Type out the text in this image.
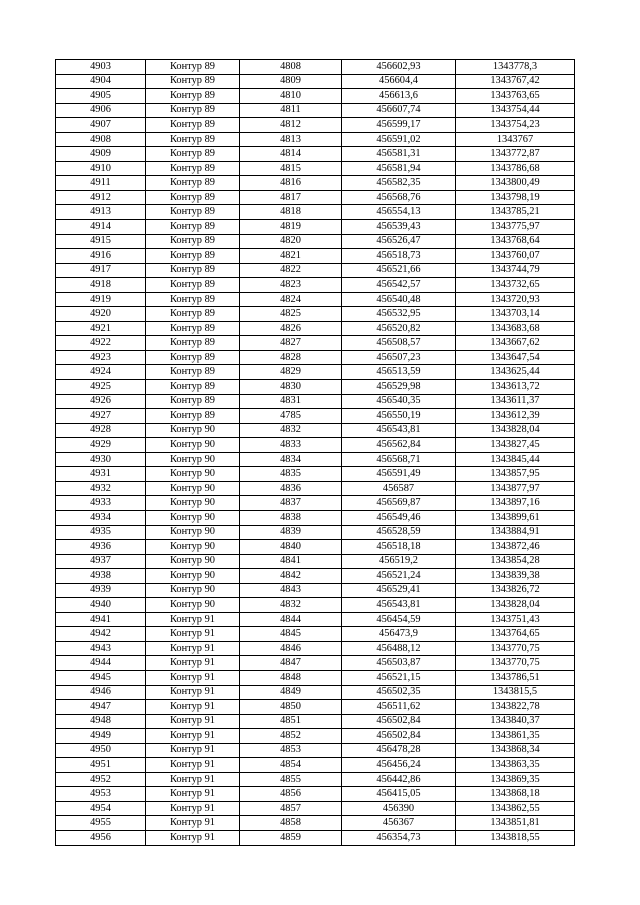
4903	Контур 89	4808	456602,93	1343778,3
4904	Контур 89	4809	456604,4	1343767,42
4905	Контур 89	4810	456613,6	1343763,65
4906	Контур 89	4811	456607,74	1343754,44
4907	Контур 89	4812	456599,17	1343754,23
4908	Контур 89	4813	456591,02	1343767
4909	Контур 89	4814	456581,31	1343772,87
4910	Контур 89	4815	456581,94	1343786,68
4911	Контур 89	4816	456582,35	1343800,49
4912	Контур 89	4817	456568,76	1343798,19
4913	Контур 89	4818	456554,13	1343785,21
4914	Контур 89	4819	456539,43	1343775,97
4915	Контур 89	4820	456526,47	1343768,64
4916	Контур 89	4821	456518,73	1343760,07
4917	Контур 89	4822	456521,66	1343744,79
4918	Контур 89	4823	456542,57	1343732,65
4919	Контур 89	4824	456540,48	1343720,93
4920	Контур 89	4825	456532,95	1343703,14
4921	Контур 89	4826	456520,82	1343683,68
4922	Контур 89	4827	456508,57	1343667,62
4923	Контур 89	4828	456507,23	1343647,54
4924	Контур 89	4829	456513,59	1343625,44
4925	Контур 89	4830	456529,98	1343613,72
4926	Контур 89	4831	456540,35	1343611,37
4927	Контур 89	4785	456550,19	1343612,39
4928	Контур 90	4832	456543,81	1343828,04
4929	Контур 90	4833	456562,84	1343827,45
4930	Контур 90	4834	456568,71	1343845,44
4931	Контур 90	4835	456591,49	1343857,95
4932	Контур 90	4836	456587	1343877,97
4933	Контур 90	4837	456569,87	1343897,16
4934	Контур 90	4838	456549,46	1343899,61
4935	Контур 90	4839	456528,59	1343884,91
4936	Контур 90	4840	456518,18	1343872,46
4937	Контур 90	4841	456519,2	1343854,28
4938	Контур 90	4842	456521,24	1343839,38
4939	Контур 90	4843	456529,41	1343826,72
4940	Контур 90	4832	456543,81	1343828,04
4941	Контур 91	4844	456454,59	1343751,43
4942	Контур 91	4845	456473,9	1343764,65
4943	Контур 91	4846	456488,12	1343770,75
4944	Контур 91	4847	456503,87	1343770,75
4945	Контур 91	4848	456521,15	1343786,51
4946	Контур 91	4849	456502,35	1343815,5
4947	Контур 91	4850	456511,62	1343822,78
4948	Контур 91	4851	456502,84	1343840,37
4949	Контур 91	4852	456502,84	1343861,35
4950	Контур 91	4853	456478,28	1343868,34
4951	Контур 91	4854	456456,24	1343863,35
4952	Контур 91	4855	456442,86	1343869,35
4953	Контур 91	4856	456415,05	1343868,18
4954	Контур 91	4857	456390	1343862,55
4955	Контур 91	4858	456367	1343851,81
4956	Контур 91	4859	456354,73	1343818,55
